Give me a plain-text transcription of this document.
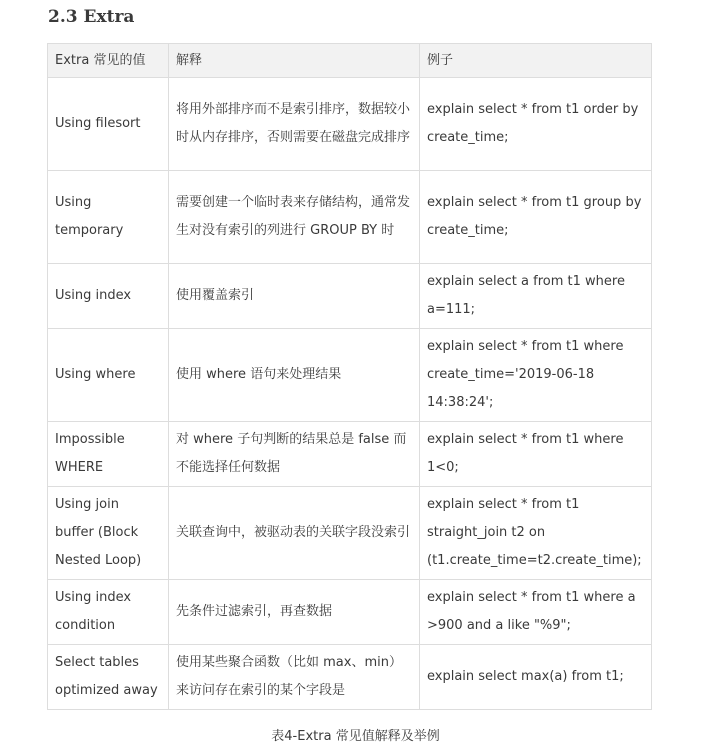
2.3 Extra
Extra 常见的值	解释	例子
Using filesort	将用外部排序而不是索引排序，数据较小时从内存排序，否则需要在磁盘完成排序	explain select * from t1 order by create_time;
Using temporary	需要创建一个临时表来存储结构，通常发生对没有索引的列进行 GROUP BY 时	explain select * from t1 group by create_time;
Using index	使用覆盖索引	explain select a from t1 where a=111;
Using where	使用 where 语句来处理结果	explain select * from t1 where create_time='2019-06-18 14:38:24';
Impossible WHERE	对 where 子句判断的结果总是 false 而不能选择任何数据	explain select * from t1 where 1<0;
Using join buffer (Block Nested Loop)	关联查询中，被驱动表的关联字段没索引	explain select * from t1 straight_join t2 on (t1.create_time=t2.create_time);
Using index condition	先条件过滤索引，再查数据	explain select * from t1 where a >900 and a like "%9";
Select tables optimized away	使用某些聚合函数（比如 max、min）来访问存在索引的某个字段是	explain select max(a) from t1;
表4-Extra 常见值解释及举例
